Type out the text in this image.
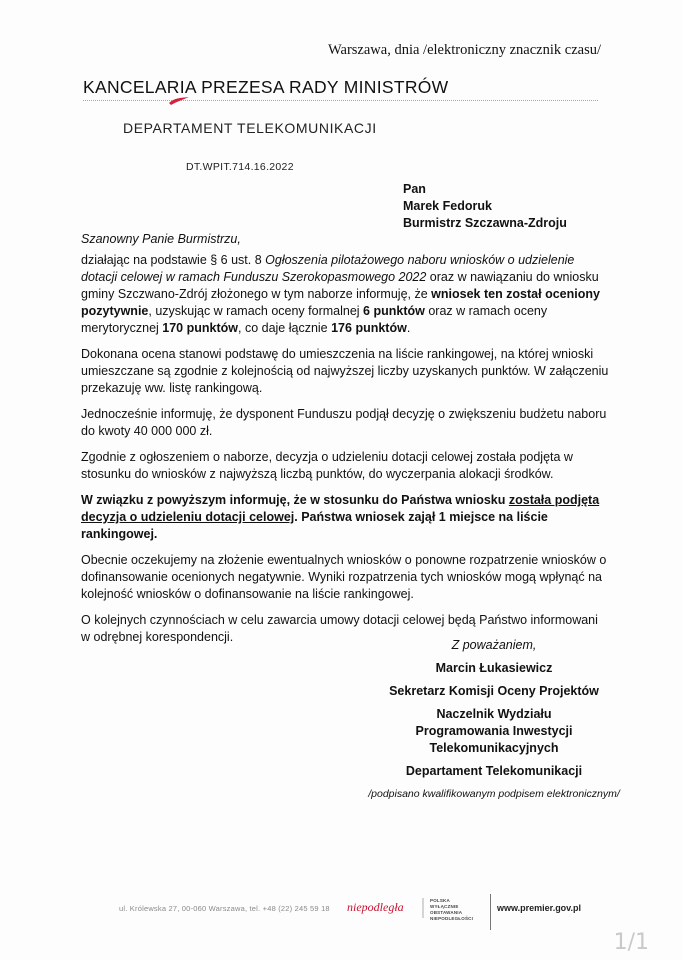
Warszawa, dnia /elektroniczny znacznik czasu/
KANCELARIA PREZESA RADY MINISTRÓW
DEPARTAMENT TELEKOMUNIKACJI
DT.WPIT.714.16.2022
Pan
Marek Fedoruk
Burmistrz Szczawna-Zdroju
Szanowny Panie Burmistrzu,

działając na podstawie § 6 ust. 8 Ogłoszenia pilotażowego naboru wniosków o udzielenie dotacji celowej w ramach Funduszu Szerokopasmowego 2022 oraz w nawiązaniu do wniosku gminy Szczwano-Zdrój złożonego w tym naborze informuję, że wniosek ten został oceniony pozytywnie, uzyskując w ramach oceny formalnej 6 punktów oraz w ramach oceny merytorycznej 170 punktów, co daje łącznie 176 punktów.

Dokonana ocena stanowi podstawę do umieszczenia na liście rankingowej, na której wnioski umieszczane są zgodnie z kolejnością od najwyższej liczby uzyskanych punktów. W załączeniu przekazuję ww. listę rankingową.

Jednocześnie informuję, że dysponent Funduszu podjął decyzję o zwiększeniu budżetu naboru do kwoty 40 000 000 zł.

Zgodnie z ogłoszeniem o naborze, decyzja o udzieleniu dotacji celowej została podjęta w stosunku do wniosków z najwyższą liczbą punktów, do wyczerpania alokacji środków.

W związku z powyższym informuję, że w stosunku do Państwa wniosku została podjęta decyzja o udzieleniu dotacji celowej. Państwa wniosek zajął 1 miejsce na liście rankingowej.

Obecnie oczekujemy na złożenie ewentualnych wniosków o ponowne rozpatrzenie wniosków o dofinansowanie ocenionych negatywnie. Wyniki rozpatrzenia tych wniosków mogą wpłynąć na kolejność wniosków o dofinansowanie na liście rankingowej.

O kolejnych czynnościach w celu zawarcia umowy dotacji celowej będą Państwo informowani w odrębnej korespondencji.

Z poważaniem,
Marcin Łukasiewicz
Sekretarz Komisji Oceny Projektów
Naczelnik Wydziału
Programowania Inwestycji
Telekomunikacyjnych
Departament Telekomunikacji
/podpisano kwalifikowanym podpisem elektronicznym/
ul. Królewska 27, 00-060 Warszawa, tel. +48 (22) 245 59 18 niepodległa	POLSKA
WYŁĄCZNIE OBSTAWANIA
NIEPODLEGŁOŚCI
www.premier.gov.pl
1/1
